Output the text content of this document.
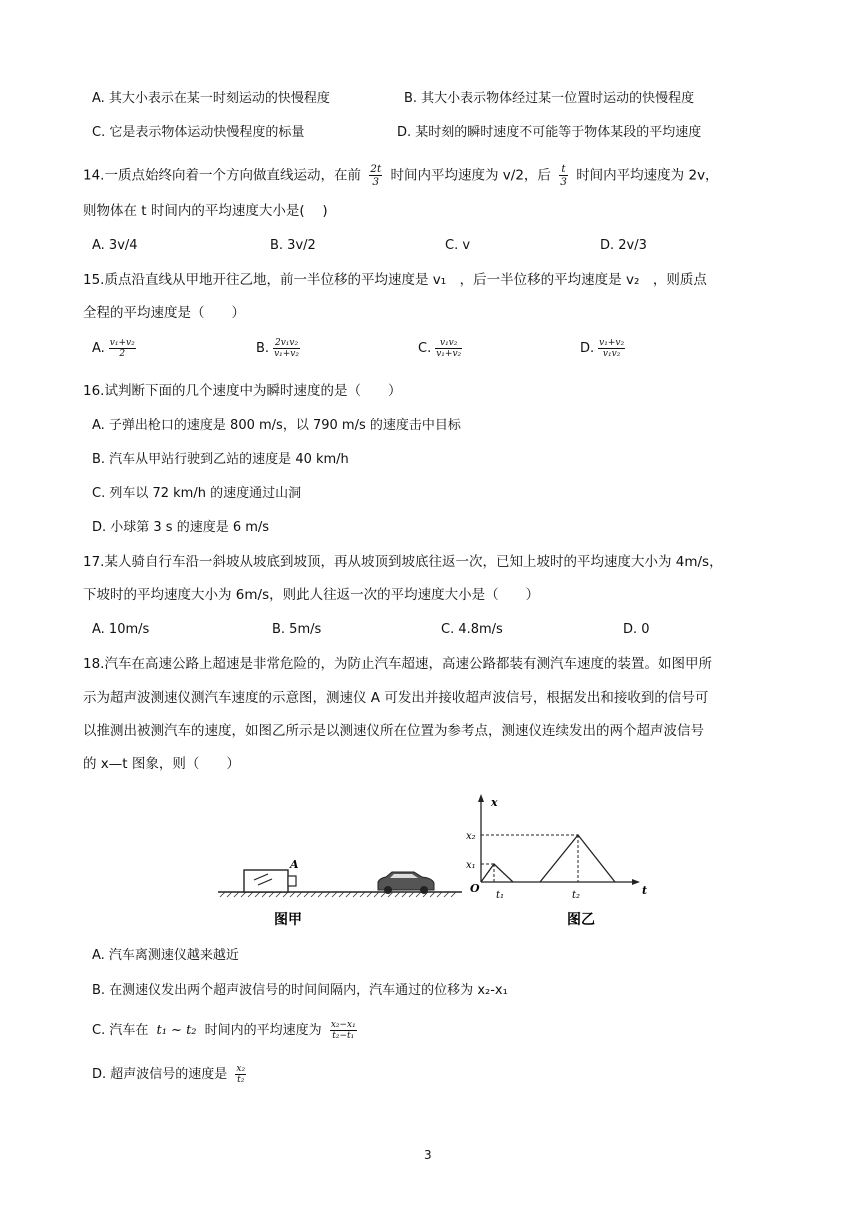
A. 其大小表示在某一时刻运动的快慢程度	B. 其大小表示物体经过某一位置时运动的快慢程度
C. 它是表示物体运动快慢程度的标量	D. 某时刻的瞬时速度不可能等于物体某段的平均速度
14.一质点始终向着一个方向做直线运动，在前 $\frac{2t}{3}$ 时间内平均速度为 v/2，后 $\frac{t}{3}$ 时间内平均速度为 2v，
则物体在 t 时间内的平均速度大小是(　 )
A. 3v/4	B. 3v/2	C. v	D. 2v/3
15.质点沿直线从甲地开往乙地，前一半位移的平均速度是 v₁　，后一半位移的平均速度是 v₂　，则质点
全程的平均速度是（　　）
A. $\frac{\text{v₁+v₂}}{2}$	B. $\frac{\text{2v₁v₂}}{\text{v₁+v₂}}$	C. $\frac{\text{v₁v₂}}{\text{v₁+v₂}}$	D. $\frac{\text{v₁+v₂}}{\text{v₁v₂}}$
16.试判断下面的几个速度中为瞬时速度的是（　　）
A. 子弹出枪口的速度是 800 m/s，以 790 m/s 的速度击中目标
B. 汽车从甲站行驶到乙站的速度是 40 km/h
C. 列车以 72 km/h 的速度通过山洞
D. 小球第 3 s 的速度是 6 m/s
17.某人骑自行车沿一斜坡从坡底到坡顶，再从坡顶到坡底往返一次，已知上坡时的平均速度大小为 4m/s，
下坡时的平均速度大小为 6m/s，则此人往返一次的平均速度大小是（　　）
A. 10m/s	B. 5m/s	C. 4.8m/s	D. 0
18.汽车在高速公路上超速是非常危险的，为防止汽车超速，高速公路都装有测汽车速度的装置。如图甲所
示为超声波测速仪测汽车速度的示意图，测速仪 A 可发出并接收超声波信号，根据发出和接收到的信号可
以推测出被测汽车的速度，如图乙所示是以测速仪所在位置为参考点，测速仪连续发出的两个超声波信号
的 x—t 图象，则（　　）
A
图甲
x
t
O
x₁
x₂
t₁	t₂
图乙
A. 汽车离测速仪越来越近
B. 在测速仪发出两个超声波信号的时间间隔内，汽车通过的位移为 x₂-x₁
C. 汽车在 t₁ ~ t₂ 时间内的平均速度为 $\frac{\text{x₂−x₁}}{\text{t₂−t₁}}$
D. 超声波信号的速度是 $\frac{\text{x₂}}{\text{t₂}}$
3
